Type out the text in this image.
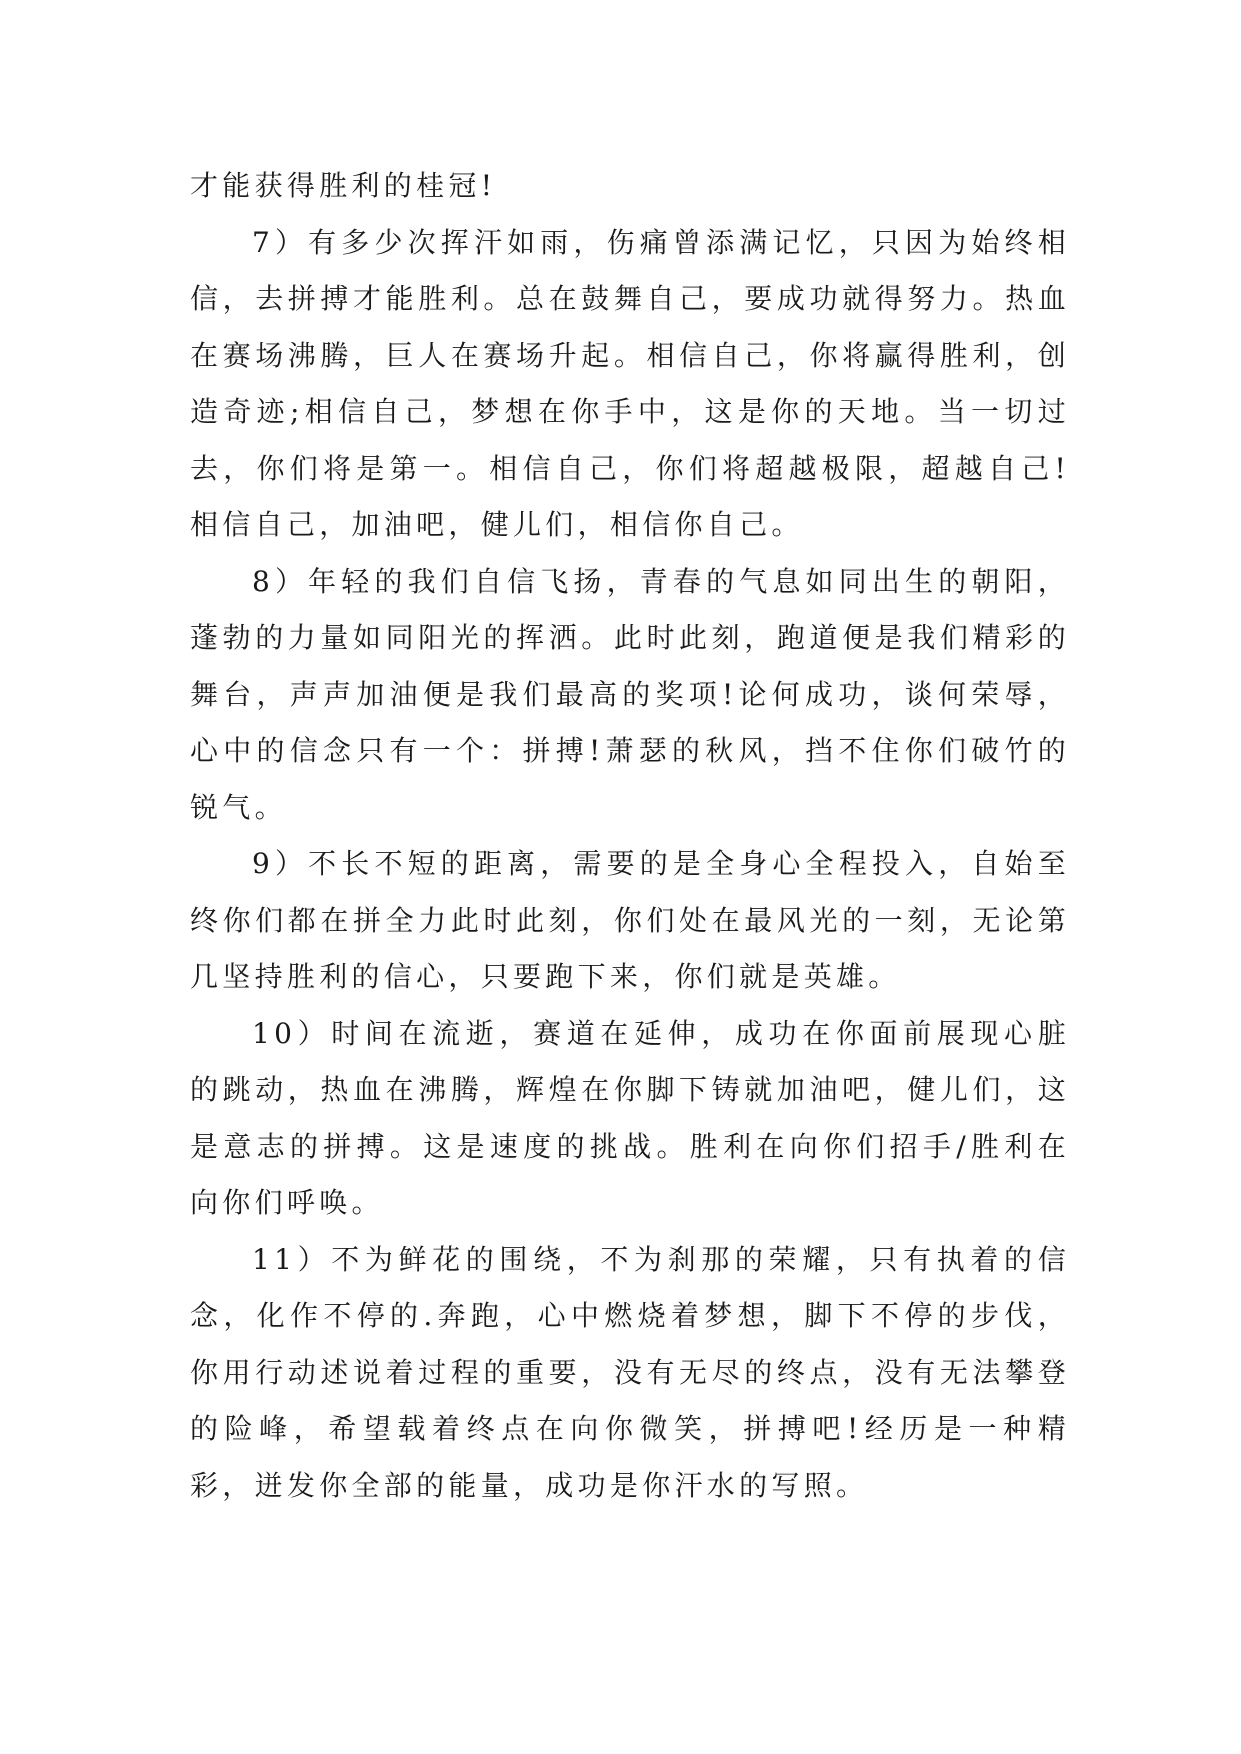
才能获得胜利的桂冠!

7）有多少次挥汗如雨，伤痛曾添满记忆，只因为始终相信，去拼搏才能胜利。总在鼓舞自己，要成功就得努力。热血在赛场沸腾，巨人在赛场升起。相信自己，你将赢得胜利，创造奇迹;相信自己，梦想在你手中，这是你的天地。当一切过去，你们将是第一。相信自己，你们将超越极限，超越自己!相信自己，加油吧，健儿们，相信你自己。

8）年轻的我们自信飞扬，青春的气息如同出生的朝阳，蓬勃的力量如同阳光的挥洒。此时此刻，跑道便是我们精彩的舞台，声声加油便是我们最高的奖项!论何成功，谈何荣辱，心中的信念只有一个：拼搏!萧瑟的秋风，挡不住你们破竹的锐气。

9）不长不短的距离，需要的是全身心全程投入，自始至终你们都在拼全力此时此刻，你们处在最风光的一刻，无论第几坚持胜利的信心，只要跑下来，你们就是英雄。

10）时间在流逝，赛道在延伸，成功在你面前展现心脏的跳动，热血在沸腾，辉煌在你脚下铸就加油吧，健儿们，这是意志的拼搏。这是速度的挑战。胜利在向你们招手/胜利在向你们呼唤。

11）不为鲜花的围绕，不为刹那的荣耀，只有执着的信念，化作不停的.奔跑，心中燃烧着梦想，脚下不停的步伐，你用行动述说着过程的重要，没有无尽的终点，没有无法攀登的险峰，希望载着终点在向你微笑，拼搏吧!经历是一种精彩，迸发你全部的能量，成功是你汗水的写照。
